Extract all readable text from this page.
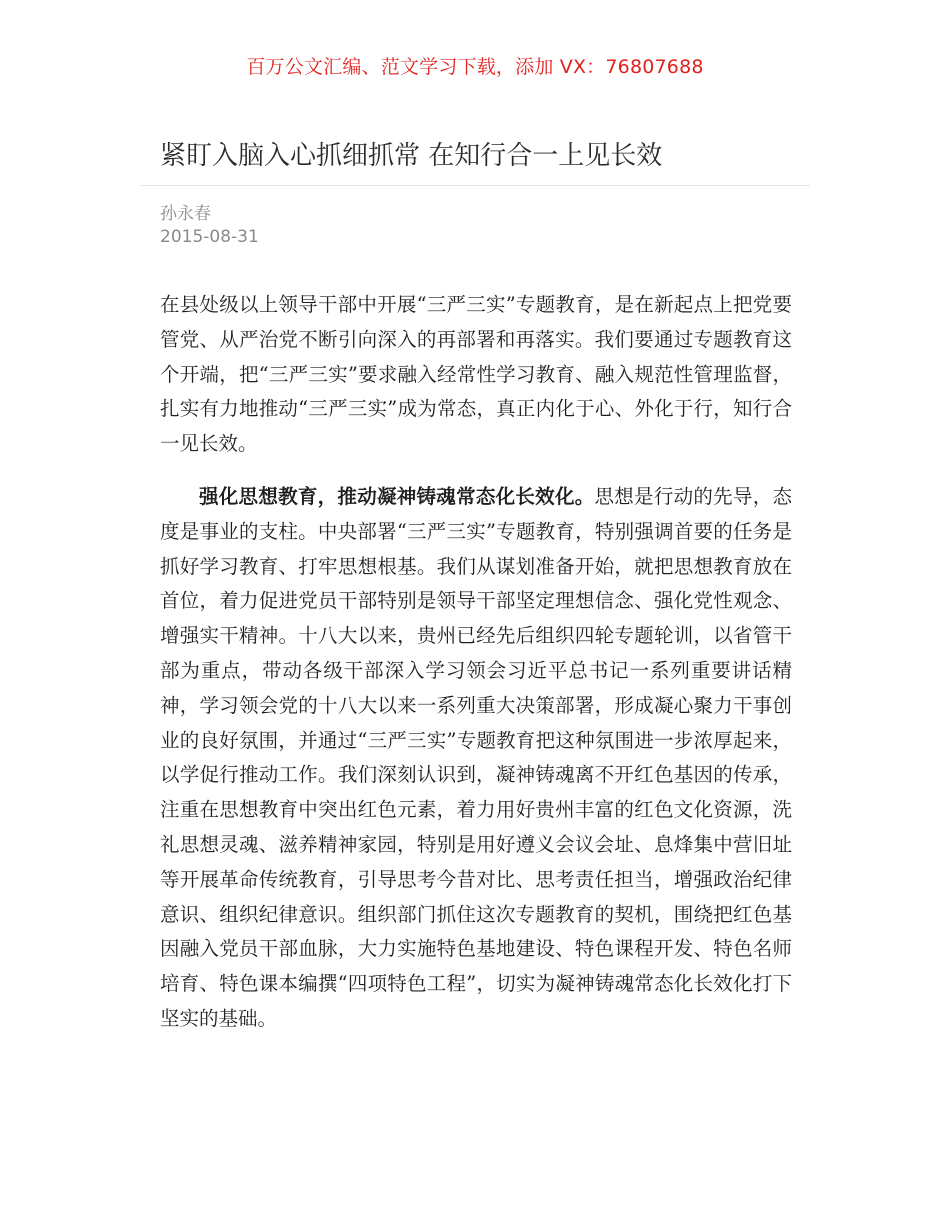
百万公文汇编、范文学习下载，添加 VX：76807688
紧盯入脑入心抓细抓常 在知行合一上见长效
孙永春
2015-08-31

在县处级以上领导干部中开展“三严三实”专题教育，是在新起点上把党要管党、从严治党不断引向深入的再部署和再落实。我们要通过专题教育这个开端，把“三严三实”要求融入经常性学习教育、融入规范性管理监督，扎实有力地推动“三严三实”成为常态，真正内化于心、外化于行，知行合一见长效。

强化思想教育，推动凝神铸魂常态化长效化。思想是行动的先导，态度是事业的支柱。中央部署“三严三实”专题教育，特别强调首要的任务是抓好学习教育、打牢思想根基。我们从谋划准备开始，就把思想教育放在首位，着力促进党员干部特别是领导干部坚定理想信念、强化党性观念、增强实干精神。十八大以来，贵州已经先后组织四轮专题轮训，以省管干部为重点，带动各级干部深入学习领会习近平总书记一系列重要讲话精神，学习领会党的十八大以来一系列重大决策部署，形成凝心聚力干事创业的良好氛围，并通过“三严三实”专题教育把这种氛围进一步浓厚起来，以学促行推动工作。我们深刻认识到，凝神铸魂离不开红色基因的传承，注重在思想教育中突出红色元素，着力用好贵州丰富的红色文化资源，洗礼思想灵魂、滋养精神家园，特别是用好遵义会议会址、息烽集中营旧址等开展革命传统教育，引导思考今昔对比、思考责任担当，增强政治纪律意识、组织纪律意识。组织部门抓住这次专题教育的契机，围绕把红色基因融入党员干部血脉，大力实施特色基地建设、特色课程开发、特色名师培育、特色课本编撰“四项特色工程”，切实为凝神铸魂常态化长效化打下坚实的基础。
